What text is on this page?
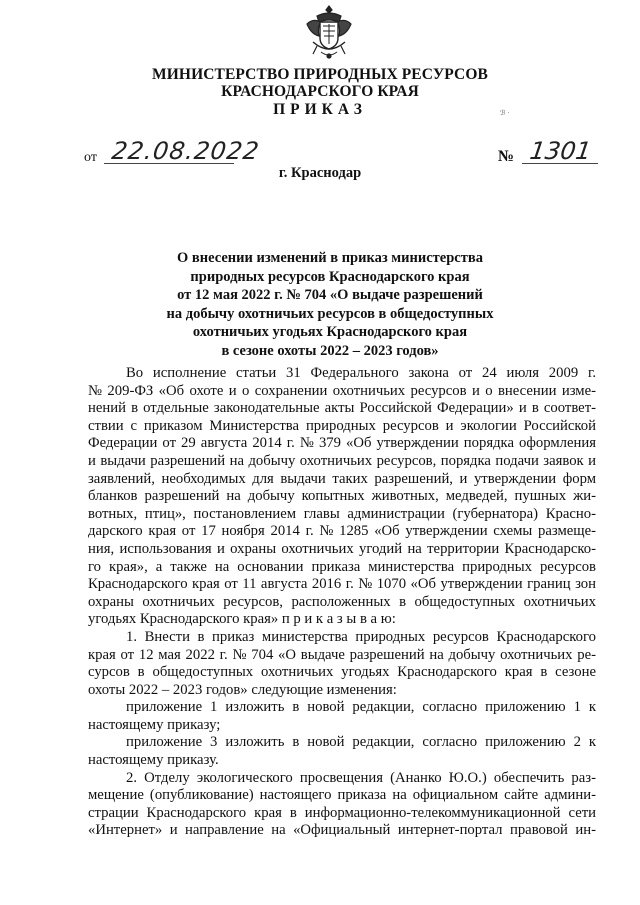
МИНИСТЕРСТВО ПРИРОДНЫХ РЕСУРСОВ
КРАСНОДАРСКОГО КРАЯ
ПРИКАЗ	ℬ ·
от 22.08.2022	№ 1301
г. Краснодар
О внесении изменений в приказ министерства
природных ресурсов Краснодарского края
от 12 мая 2022 г. № 704 «О выдаче разрешений
на добычу охотничьих ресурсов в общедоступных
охотничьих угодьях Краснодарского края
в сезоне охоты 2022 – 2023 годов»
Во исполнение статьи 31 Федерального закона от 24 июля 2009 г.
№ 209-ФЗ «Об охоте и о сохранении охотничьих ресурсов и о внесении изме-
нений в отдельные законодательные акты Российской Федерации» и в соответ-
ствии с приказом Министерства природных ресурсов и экологии Российской
Федерации от 29 августа 2014 г. № 379 «Об утверждении порядка оформления
и выдачи разрешений на добычу охотничьих ресурсов, порядка подачи заявок и
заявлений, необходимых для выдачи таких разрешений, и утверждении форм
бланков разрешений на добычу копытных животных, медведей, пушных жи-
вотных, птиц», постановлением главы администрации (губернатора) Красно-
дарского края от 17 ноября 2014 г. № 1285 «Об утверждении схемы размеще-
ния, использования и охраны охотничьих угодий на территории Краснодарско-
го края», а также на основании приказа министерства природных ресурсов
Краснодарского края от 11 августа 2016 г. № 1070 «Об утверждении границ зон
охраны охотничьих ресурсов, расположенных в общедоступных охотничьих
угодьях Краснодарского края» п р и к а з ы в а ю:
1. Внести в приказ министерства природных ресурсов Краснодарского
края от 12 мая 2022 г. № 704 «О выдаче разрешений на добычу охотничьих ре-
сурсов в общедоступных охотничьих угодьях Краснодарского края в сезоне
охоты 2022 – 2023 годов» следующие изменения:
приложение 1 изложить в новой редакции, согласно приложению 1 к
настоящему приказу;
приложение 3 изложить в новой редакции, согласно приложению 2 к
настоящему приказу.
2. Отделу экологического просвещения (Ананко Ю.О.) обеспечить раз-
мещение (опубликование) настоящего приказа на официальном сайте админи-
страции Краснодарского края в информационно-телекоммуникационной сети
«Интернет» и направление на «Официальный интернет-портал правовой ин-
